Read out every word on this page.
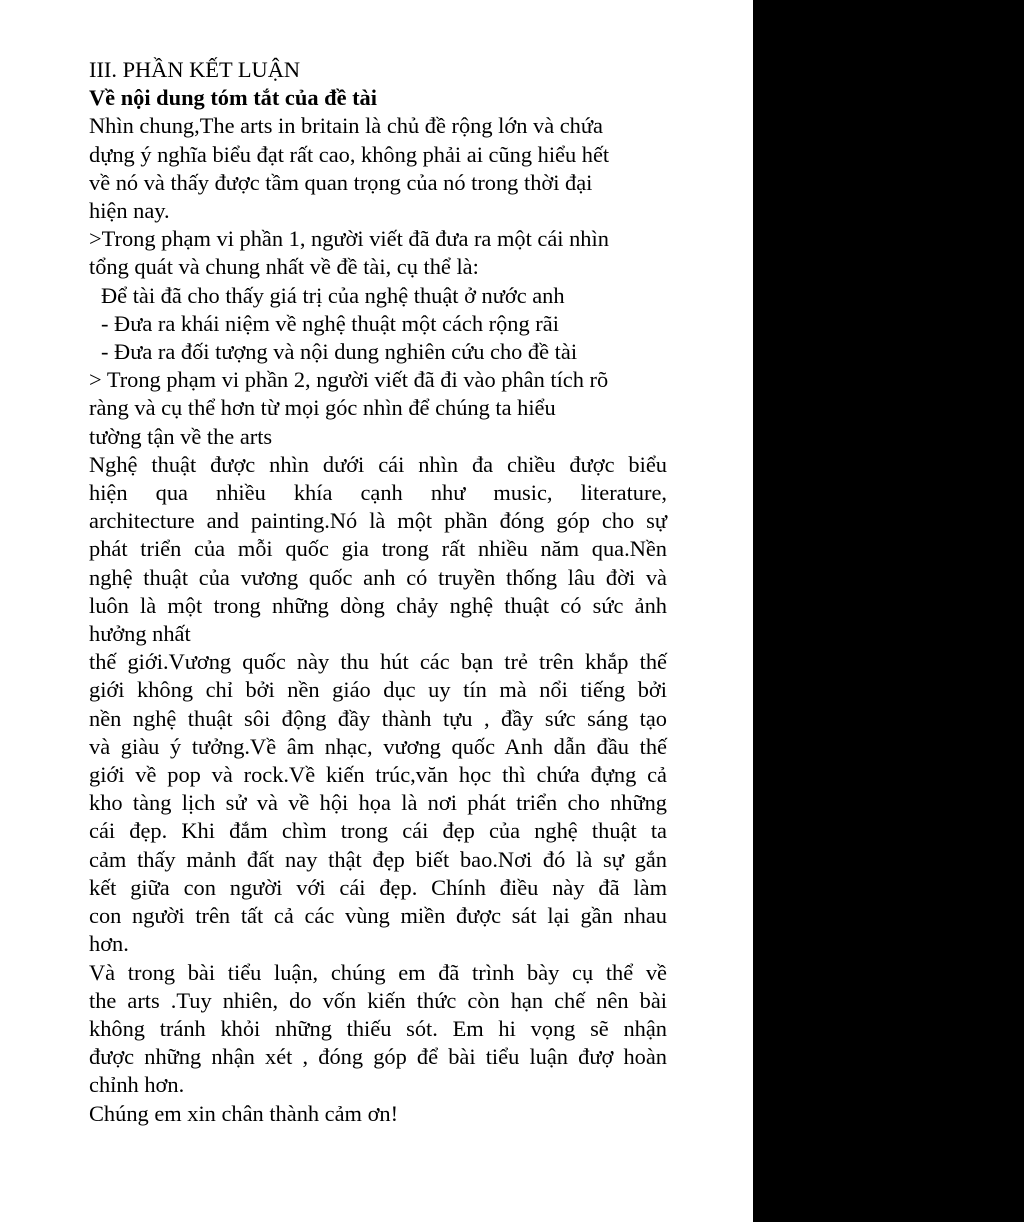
III. PHẦN KẾT LUẬN
Về nội dung tóm tắt của đề tài
Nhìn chung,The arts in britain là chủ đề rộng lớn và chứa
dựng ý nghĩa biểu đạt rất cao, không phải ai cũng hiểu hết
về nó và thấy được tầm quan trọng của nó trong thời đại
hiện nay.
>Trong phạm vi phần 1, người viết đã đưa ra một cái nhìn
tổng quát và chung nhất về đề tài, cụ thể là:
Để tài đã cho thấy giá trị của nghệ thuật ở nước anh
- Đưa ra khái niệm về nghệ thuật một cách rộng rãi
- Đưa ra đối tượng và nội dung nghiên cứu cho đề tài
> Trong phạm vi phần 2, người viết đã đi vào phân tích rõ
ràng và cụ thể hơn từ mọi góc nhìn để chúng ta hiểu
tường tận về the arts
Nghệ thuật được nhìn dưới cái nhìn đa chiều được biểu
hiện qua nhiều khía cạnh như music, literature,
architecture and painting.Nó là một phần đóng góp cho sự
phát triển của mỗi quốc gia trong rất nhiều năm qua.Nền
nghệ thuật của vương quốc anh có truyền thống lâu đời và
luôn là một trong những dòng chảy nghệ thuật có sức ảnh
hưởng nhất
thế giới.Vương quốc này thu hút các bạn trẻ trên khắp thế
giới không chỉ bởi nền giáo dục uy tín mà nổi tiếng bởi
nền nghệ thuật sôi động đầy thành tựu , đầy sức sáng tạo
và giàu ý tưởng.Về âm nhạc, vương quốc Anh dẫn đầu thế
giới về pop và rock.Về kiến trúc,văn học thì chứa đựng cả
kho tàng lịch sử và về hội họa là nơi phát triển cho những
cái đẹp. Khi đắm chìm trong cái đẹp của nghệ thuật ta
cảm thấy mảnh đất nay thật đẹp biết bao.Nơi đó là sự gắn
kết giữa con người với cái đẹp. Chính điều này đã làm
con người trên tất cả các vùng miền được sát lại gần nhau
hơn.
Và trong bài tiểu luận, chúng em đã trình bày cụ thể về
the arts .Tuy nhiên, do vốn kiến thức còn hạn chế nên bài
không tránh khỏi những thiếu sót. Em hi vọng sẽ nhận
được những nhận xét , đóng góp để bài tiểu luận đượ hoàn
chỉnh hơn.
Chúng em xin chân thành cảm ơn!
